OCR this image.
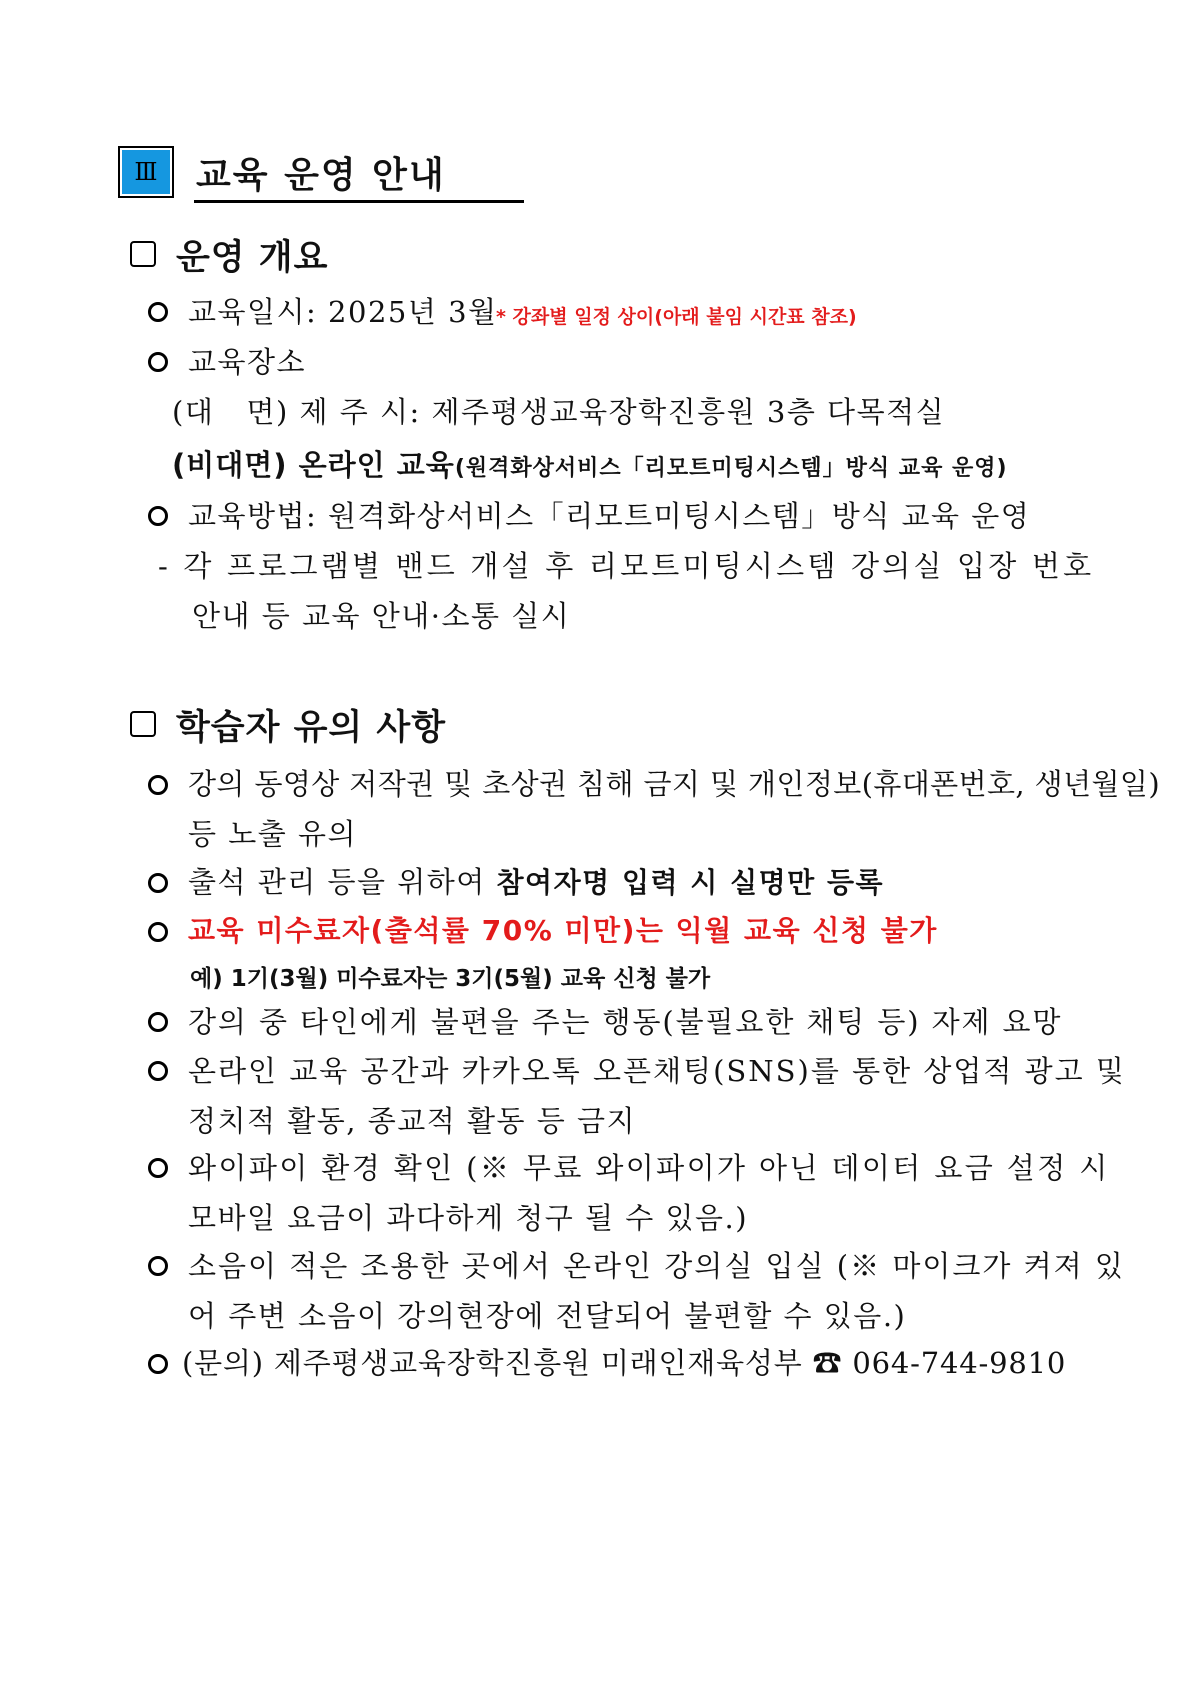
Ⅲ	교육 운영 안내
운영 개요
교육일시: 2025년 3월
* 강좌별 일정 상이(아래 붙임 시간표 참조)
교육장소
(대   면) 제 주 시: 제주평생교육장학진흥원 3층 다목적실
(비대면) 온라인 교육(원격화상서비스「리모트미팅시스템」방식 교육 운영)
교육방법: 원격화상서비스「리모트미팅시스템」방식 교육 운영
- 각 프로그램별 밴드 개설 후 리모트미팅시스템 강의실 입장 번호
안내 등 교육 안내·소통 실시
학습자 유의 사항
강의 동영상 저작권 및 초상권 침해 금지 및 개인정보(휴대폰번호, 생년월일)
등 노출 유의
출석 관리 등을 위하여 참여자명 입력 시 실명만 등록
교육 미수료자(출석률 70% 미만)는 익월 교육 신청 불가
예) 1기(3월) 미수료자는 3기(5월) 교육 신청 불가
강의 중 타인에게 불편을 주는 행동(불필요한 채팅 등) 자제 요망
온라인 교육 공간과 카카오톡 오픈채팅(SNS)를 통한 상업적 광고 및
정치적 활동, 종교적 활동 등 금지
와이파이 환경 확인 (※ 무료 와이파이가 아닌 데이터 요금 설정 시
모바일 요금이 과다하게 청구 될 수 있음.)
소음이 적은 조용한 곳에서 온라인 강의실 입실 (※ 마이크가 켜져 있
어 주변 소음이 강의현장에 전달되어 불편할 수 있음.)
(문의) 제주평생교육장학진흥원 미래인재육성부 ☎ 064-744-9810
